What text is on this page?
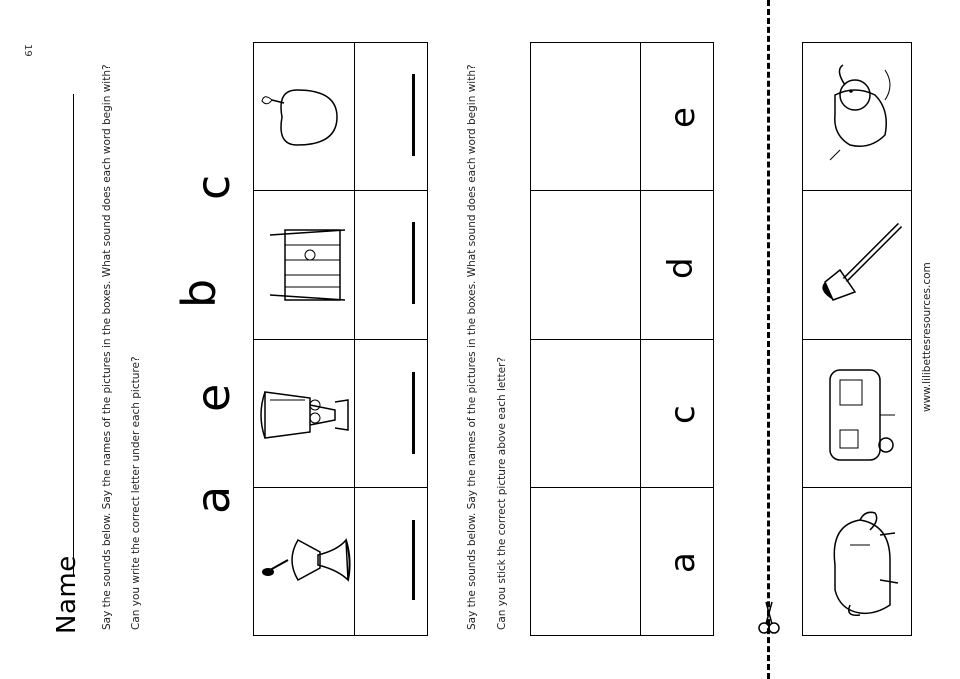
19
Name Say the sounds below. Say the names of the pictures in the boxes. What sound does each word begin with? Can you write the correct letter under each picture? a
e
b
c	Say the sounds below. Say the names of the pictures in the boxes. What sound does each word begin with? Can you stick the correct picture above each letter?	a
c
d
e
www.lilibettesresources.com
